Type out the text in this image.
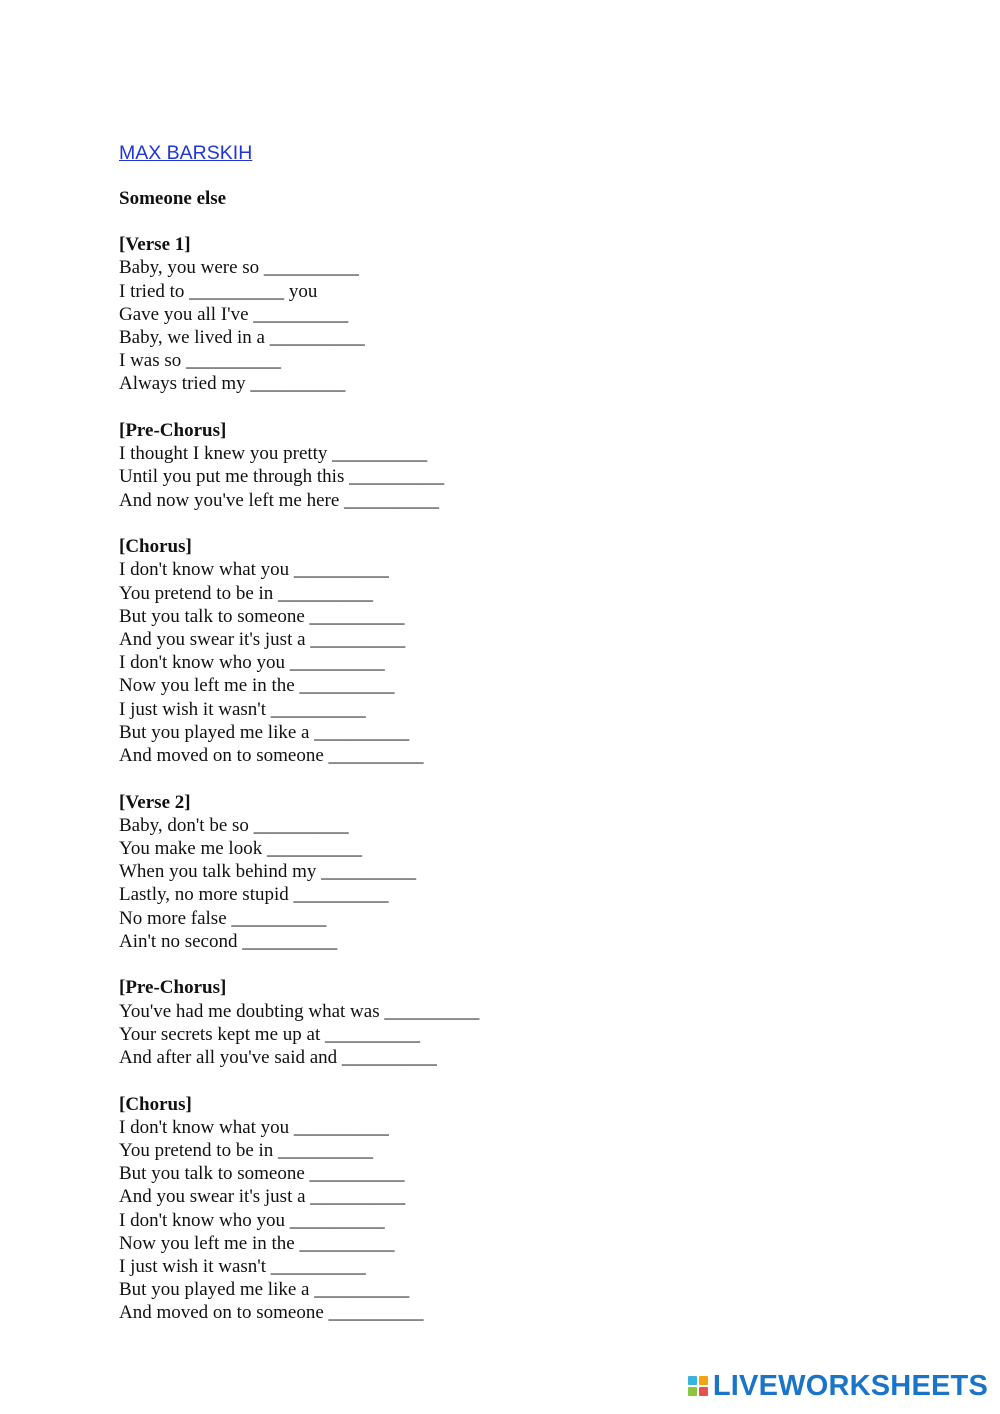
MAX BARSKIH
Someone else
[Verse 1]
Baby, you were so __________
I tried to __________ you
Gave you all I've __________
Baby, we lived in a __________
I was so __________
Always tried my __________
[Pre-Chorus]
I thought I knew you pretty __________
Until you put me through this __________
And now you've left me here __________
[Chorus]
I don't know what you __________
You pretend to be in __________
But you talk to someone __________
And you swear it's just a __________
I don't know who you __________
Now you left me in the __________
I just wish it wasn't __________
But you played me like a __________
And moved on to someone __________
[Verse 2]
Baby, don't be so __________
You make me look __________
When you talk behind my __________
Lastly, no more stupid __________
No more false __________
Ain't no second __________
[Pre-Chorus]
You've had me doubting what was __________
Your secrets kept me up at __________
And after all you've said and __________
[Chorus]
I don't know what you __________
You pretend to be in __________
But you talk to someone __________
And you swear it's just a __________
I don't know who you __________
Now you left me in the __________
I just wish it wasn't __________
But you played me like a __________
And moved on to someone __________
LIVEWORKSHEETS
